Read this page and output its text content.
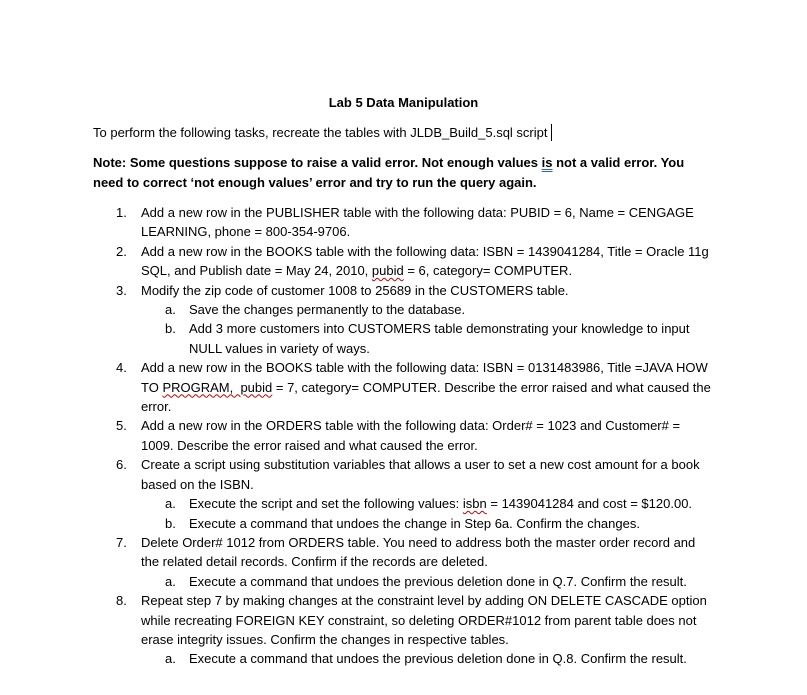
Lab 5 Data Manipulation
To perform the following tasks, recreate the tables with JLDB_Build_5.sql script
Note: Some questions suppose to raise a valid error. Not enough values is not a valid error. You need to correct ‘not enough values’ error and try to run the query again.
1. Add a new row in the PUBLISHER table with the following data: PUBID = 6, Name = CENGAGE LEARNING, phone = 800-354-9706.
2. Add a new row in the BOOKS table with the following data: ISBN = 1439041284, Title = Oracle 11g SQL, and Publish date = May 24, 2010, pubid = 6, category= COMPUTER.
3. Modify the zip code of customer 1008 to 25689 in the CUSTOMERS table.
a. Save the changes permanently to the database.
b. Add 3 more customers into CUSTOMERS table demonstrating your knowledge to input NULL values in variety of ways.
4. Add a new row in the BOOKS table with the following data: ISBN = 0131483986, Title =JAVA HOW TO PROGRAM,  pubid = 7, category= COMPUTER. Describe the error raised and what caused the error.
5. Add a new row in the ORDERS table with the following data: Order# = 1023 and Customer# = 1009. Describe the error raised and what caused the error.
6. Create a script using substitution variables that allows a user to set a new cost amount for a book based on the ISBN.
a. Execute the script and set the following values: isbn = 1439041284 and cost = $120.00.
b. Execute a command that undoes the change in Step 6a. Confirm the changes.
7. Delete Order# 1012 from ORDERS table. You need to address both the master order record and the related detail records. Confirm if the records are deleted.
a. Execute a command that undoes the previous deletion done in Q.7. Confirm the result.
8. Repeat step 7 by making changes at the constraint level by adding ON DELETE CASCADE option while recreating FOREIGN KEY constraint, so deleting ORDER#1012 from parent table does not erase integrity issues. Confirm the changes in respective tables.
a. Execute a command that undoes the previous deletion done in Q.8. Confirm the result.
